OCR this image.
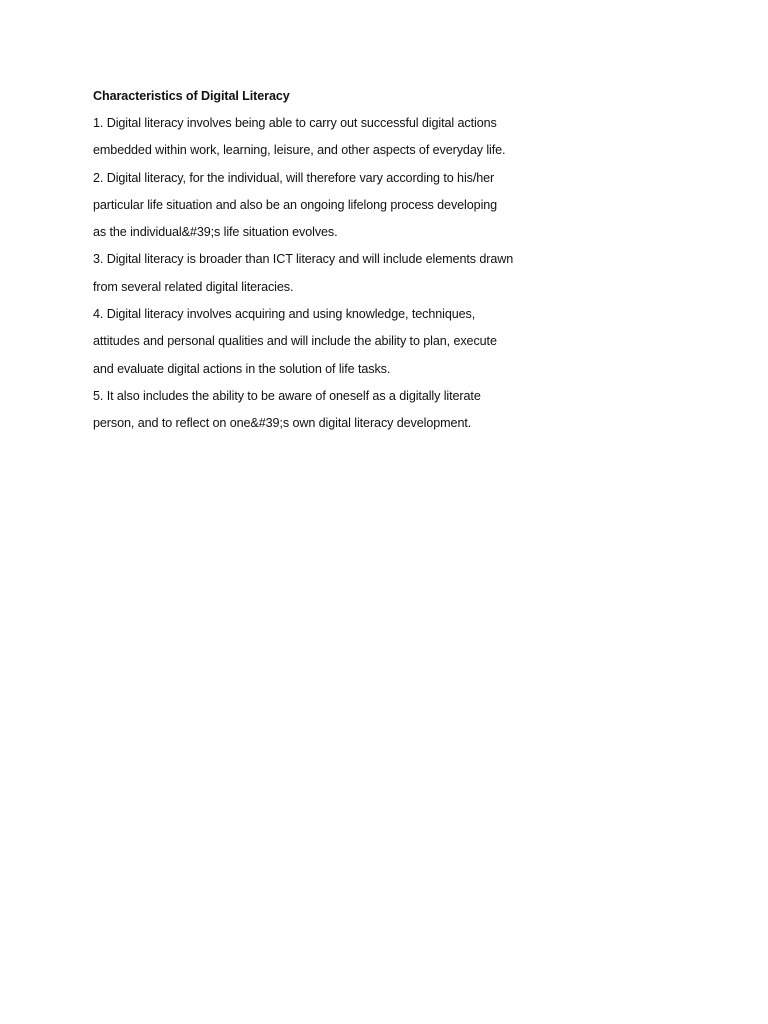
Characteristics of Digital Literacy
1. Digital literacy involves being able to carry out successful digital actions
embedded within work, learning, leisure, and other aspects of everyday life.
2. Digital literacy, for the individual, will therefore vary according to his/her
particular life situation and also be an ongoing lifelong process developing
as the individual&#39;s life situation evolves.
3. Digital literacy is broader than ICT literacy and will include elements drawn
from several related digital literacies.
4. Digital literacy involves acquiring and using knowledge, techniques,
attitudes and personal qualities and will include the ability to plan, execute
and evaluate digital actions in the solution of life tasks.
5. It also includes the ability to be aware of oneself as a digitally literate
person, and to reflect on one&#39;s own digital literacy development.
